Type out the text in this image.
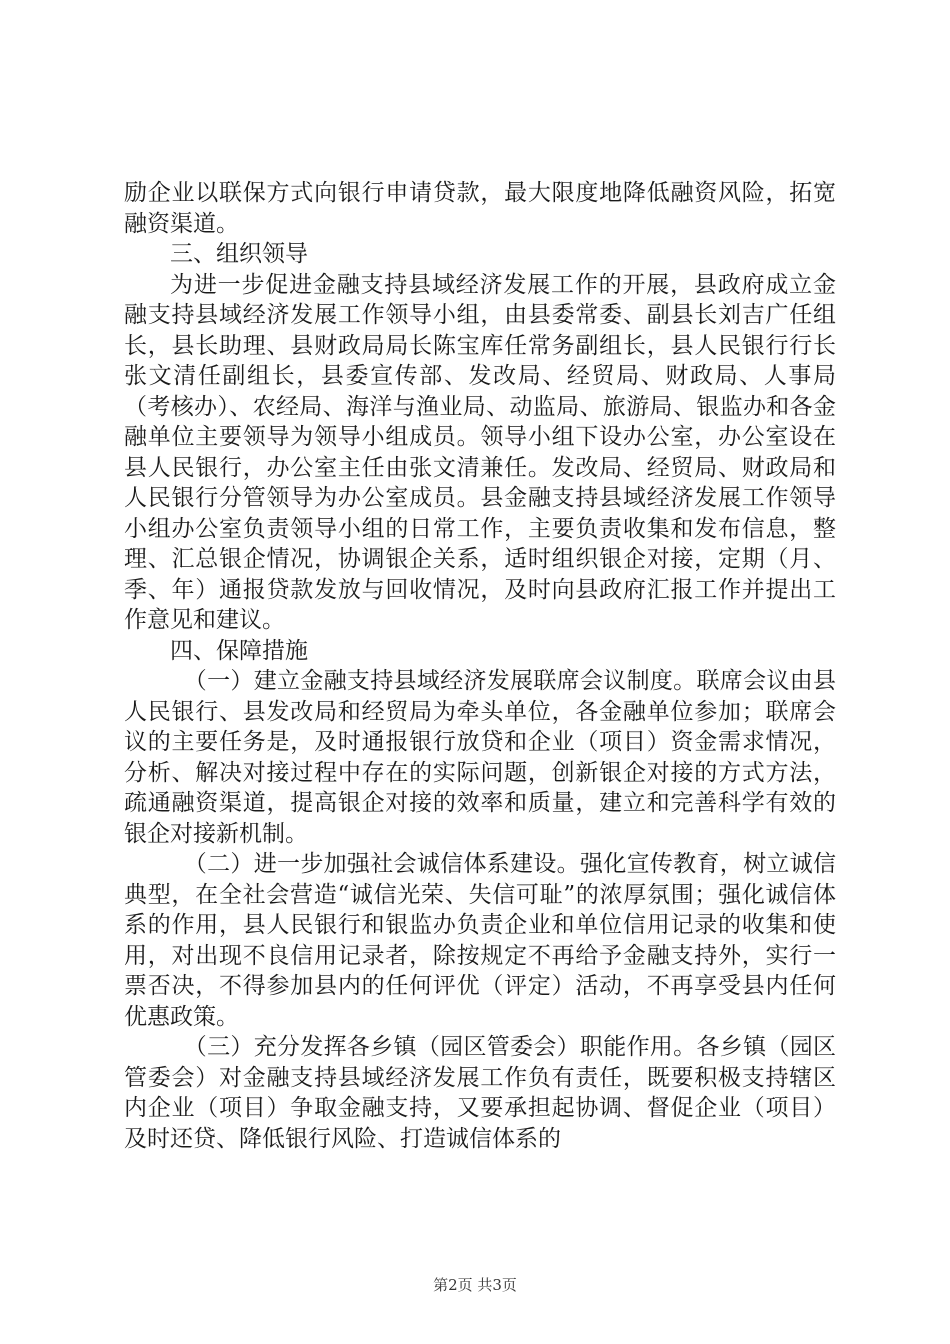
励企业以联保方式向银行申请贷款，最大限度地降低融资风险，拓宽融资渠道。

三、组织领导

为进一步促进金融支持县域经济发展工作的开展，县政府成立金融支持县域经济发展工作领导小组，由县委常委、副县长刘吉广任组长，县长助理、县财政局局长陈宝库任常务副组长，县人民银行行长张文清任副组长，县委宣传部、发改局、经贸局、财政局、人事局（考核办）、农经局、海洋与渔业局、动监局、旅游局、银监办和各金融单位主要领导为领导小组成员。领导小组下设办公室，办公室设在县人民银行，办公室主任由张文清兼任。发改局、经贸局、财政局和人民银行分管领导为办公室成员。县金融支持县域经济发展工作领导小组办公室负责领导小组的日常工作，主要负责收集和发布信息，整理、汇总银企情况，协调银企关系，适时组织银企对接，定期（月、季、年）通报贷款发放与回收情况，及时向县政府汇报工作并提出工作意见和建议。

四、保障措施

（一）建立金融支持县域经济发展联席会议制度。联席会议由县人民银行、县发改局和经贸局为牵头单位，各金融单位参加；联席会议的主要任务是，及时通报银行放贷和企业（项目）资金需求情况，分析、解决对接过程中存在的实际问题，创新银企对接的方式方法，疏通融资渠道，提高银企对接的效率和质量，建立和完善科学有效的银企对接新机制。

（二）进一步加强社会诚信体系建设。强化宣传教育，树立诚信典型，在全社会营造“诚信光荣、失信可耻”的浓厚氛围；强化诚信体系的作用，县人民银行和银监办负责企业和单位信用记录的收集和使用，对出现不良信用记录者，除按规定不再给予金融支持外，实行一票否决，不得参加县内的任何评优（评定）活动，不再享受县内任何优惠政策。

（三）充分发挥各乡镇（园区管委会）职能作用。各乡镇（园区管委会）对金融支持县域经济发展工作负有责任，既要积极支持辖区内企业（项目）争取金融支持，又要承担起协调、督促企业（项目）及时还贷、降低银行风险、打造诚信体系的

第2页 共3页
